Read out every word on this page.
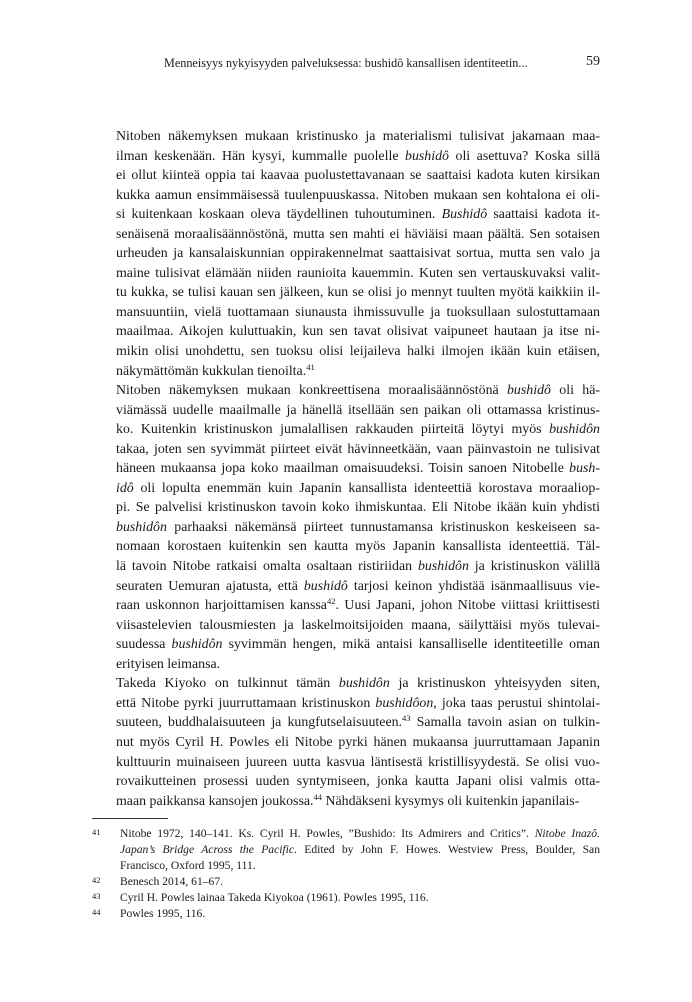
Menneisyys nykyisyyden palveluksessa: bushidô kansallisen identiteetin...	59

Nitoben näkemyksen mukaan kristinusko ja materialismi tulisivat jakamaan maa-
ilman keskenään. Hän kysyi, kummalle puolelle bushidô oli asettuva? Koska sillä
ei ollut kiinteä oppia tai kaavaa puolustettavanaan se saattaisi kadota kuten kirsikan
kukka aamun ensimmäisessä tuulenpuuskassa. Nitoben mukaan sen kohtalona ei oli-
si kuitenkaan koskaan oleva täydellinen tuhoutuminen. Bushidô saattaisi kadota it-
senäisenä moraalisäännöstönä, mutta sen mahti ei häviäisi maan päältä. Sen sotaisen
urheuden ja kansalaiskunnian oppirakennelmat saattaisivat sortua, mutta sen valo ja
maine tulisivat elämään niiden raunioita kauemmin. Kuten sen vertauskuvaksi valit-
tu kukka, se tulisi kauan sen jälkeen, kun se olisi jo mennyt tuulten myötä kaikkiin il-
mansuuntiin, vielä tuottamaan siunausta ihmissuvulle ja tuoksullaan sulostuttamaan
maailmaa. Aikojen kuluttuakin, kun sen tavat olisivat vaipuneet hautaan ja itse ni-
mikin olisi unohdettu, sen tuoksu olisi leijaileva halki ilmojen ikään kuin etäisen,
näkymättömän kukkulan tienoilta.$^{41}$

Nitoben näkemyksen mukaan konkreettisena moraalisäännöstönä bushidô oli hä-
viämässä uudelle maailmalle ja hänellä itsellään sen paikan oli ottamassa kristinus-
ko. Kuitenkin kristinuskon jumalallisen rakkauden piirteitä löytyi myös bushidôn
takaa, joten sen syvimmät piirteet eivät hävinneetkään, vaan päinvastoin ne tulisivat
häneen mukaansa jopa koko maailman omaisuudeksi. Toisin sanoen Nitobelle bush-
idô oli lopulta enemmän kuin Japanin kansallista identeettiä korostava moraaliop-
pi. Se palvelisi kristinuskon tavoin koko ihmiskuntaa. Eli Nitobe ikään kuin yhdisti
bushidôn parhaaksi näkemänsä piirteet tunnustamansa kristinuskon keskeiseen sa-
nomaan korostaen kuitenkin sen kautta myös Japanin kansallista identeettiä. Täl-
lä tavoin Nitobe ratkaisi omalta osaltaan ristiriidan bushidôn ja kristinuskon välillä
seuraten Uemuran ajatusta, että bushidô tarjosi keinon yhdistää isänmaallisuus vie-
raan uskonnon harjoittamisen kanssa$^{42}$. Uusi Japani, johon Nitobe viittasi kriittisesti
viisastelevien talousmiesten ja laskelmoitsijoiden maana, säilyttäisi myös tulevai-
suudessa bushidôn syvimmän hengen, mikä antaisi kansalliselle identiteetille oman
erityisen leimansa.

Takeda Kiyoko on tulkinnut tämän bushidôn ja kristinuskon yhteisyyden siten,
että Nitobe pyrki juurruttamaan kristinuskon bushidôon, joka taas perustui shintolai-
suuteen, buddhalaisuuteen ja kungfutselaisuuteen.$^{43}$ Samalla tavoin asian on tulkin-
nut myös Cyril H. Powles eli Nitobe pyrki hänen mukaansa juurruttamaan Japanin
kulttuurin muinaiseen juureen uutta kasvua läntisestä kristillisyydestä. Se olisi vuo-
rovaikutteinen prosessi uuden syntymiseen, jonka kautta Japani olisi valmis otta-
maan paikkansa kansojen joukossa.$^{44}$ Nähdäkseni kysymys oli kuitenkin japanilais-

41 Nitobe 1972, 140–141. Ks. Cyril H. Powles, ”Bushido: Its Admirers and Critics”. Nitobe Inazô.
Japan’s Bridge Across the Pacific. Edited by John F. Howes. Westview Press, Boulder, San
Francisco, Oxford 1995, 111.
42 Benesch 2014, 61–67.
43 Cyril H. Powles lainaa Takeda Kiyokoa (1961). Powles 1995, 116.
44 Powles 1995, 116.
